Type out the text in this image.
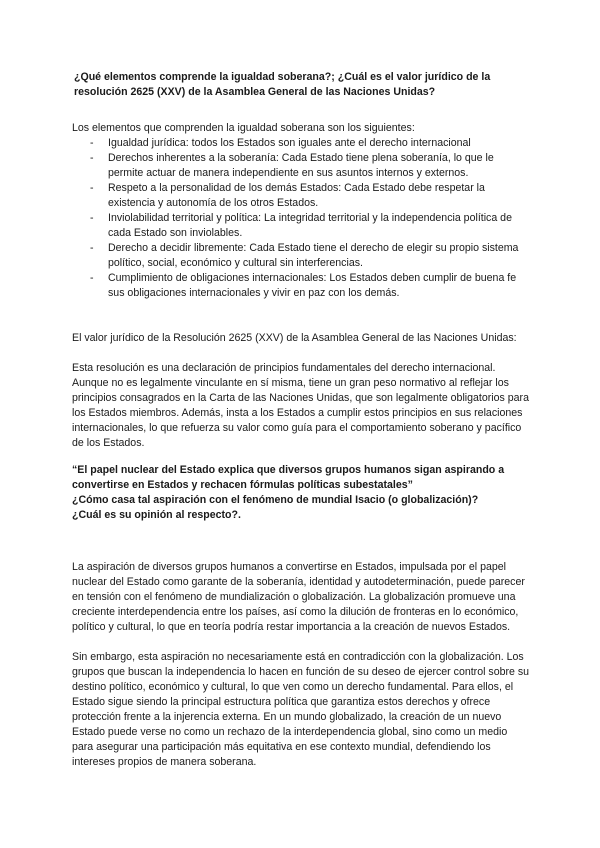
¿Qué elementos comprende la igualdad soberana?; ¿Cuál es el valor jurídico de la resolución 2625 (XXV) de la Asamblea General de las Naciones Unidas?

Los elementos que comprenden la igualdad soberana son los siguientes:

- Igualdad jurídica: todos los Estados son iguales ante el derecho internacional
- Derechos inherentes a la soberanía: Cada Estado tiene plena soberanía, lo que le permite actuar de manera independiente en sus asuntos internos y externos.
- Respeto a la personalidad de los demás Estados: Cada Estado debe respetar la existencia y autonomía de los otros Estados.
- Inviolabilidad territorial y política: La integridad territorial y la independencia política de cada Estado son inviolables.
- Derecho a decidir libremente: Cada Estado tiene el derecho de elegir su propio sistema político, social, económico y cultural sin interferencias.
- Cumplimiento de obligaciones internacionales: Los Estados deben cumplir de buena fe sus obligaciones internacionales y vivir en paz con los demás.

El valor jurídico de la Resolución 2625 (XXV) de la Asamblea General de las Naciones Unidas:

Esta resolución es una declaración de principios fundamentales del derecho internacional. Aunque no es legalmente vinculante en sí misma, tiene un gran peso normativo al reflejar los principios consagrados en la Carta de las Naciones Unidas, que son legalmente obligatorios para los Estados miembros. Además, insta a los Estados a cumplir estos principios en sus relaciones internacionales, lo que refuerza su valor como guía para el comportamiento soberano y pacífico de los Estados.

“El papel nuclear del Estado explica que diversos grupos humanos sigan aspirando a convertirse en Estados y rechacen fórmulas políticas subestatales”

¿Cómo casa tal aspiración con el fenómeno de mundial Isacio (o globalización)?

¿Cuál es su opinión al respecto?.

La aspiración de diversos grupos humanos a convertirse en Estados, impulsada por el papel nuclear del Estado como garante de la soberanía, identidad y autodeterminación, puede parecer en tensión con el fenómeno de mundialización o globalización. La globalización promueve una creciente interdependencia entre los países, así como la dilución de fronteras en lo económico, político y cultural, lo que en teoría podría restar importancia a la creación de nuevos Estados.

Sin embargo, esta aspiración no necesariamente está en contradicción con la globalización. Los grupos que buscan la independencia lo hacen en función de su deseo de ejercer control sobre su destino político, económico y cultural, lo que ven como un derecho fundamental. Para ellos, el Estado sigue siendo la principal estructura política que garantiza estos derechos y ofrece protección frente a la injerencia externa. En un mundo globalizado, la creación de un nuevo Estado puede verse no como un rechazo de la interdependencia global, sino como un medio para asegurar una participación más equitativa en ese contexto mundial, defendiendo los intereses propios de manera soberana.
